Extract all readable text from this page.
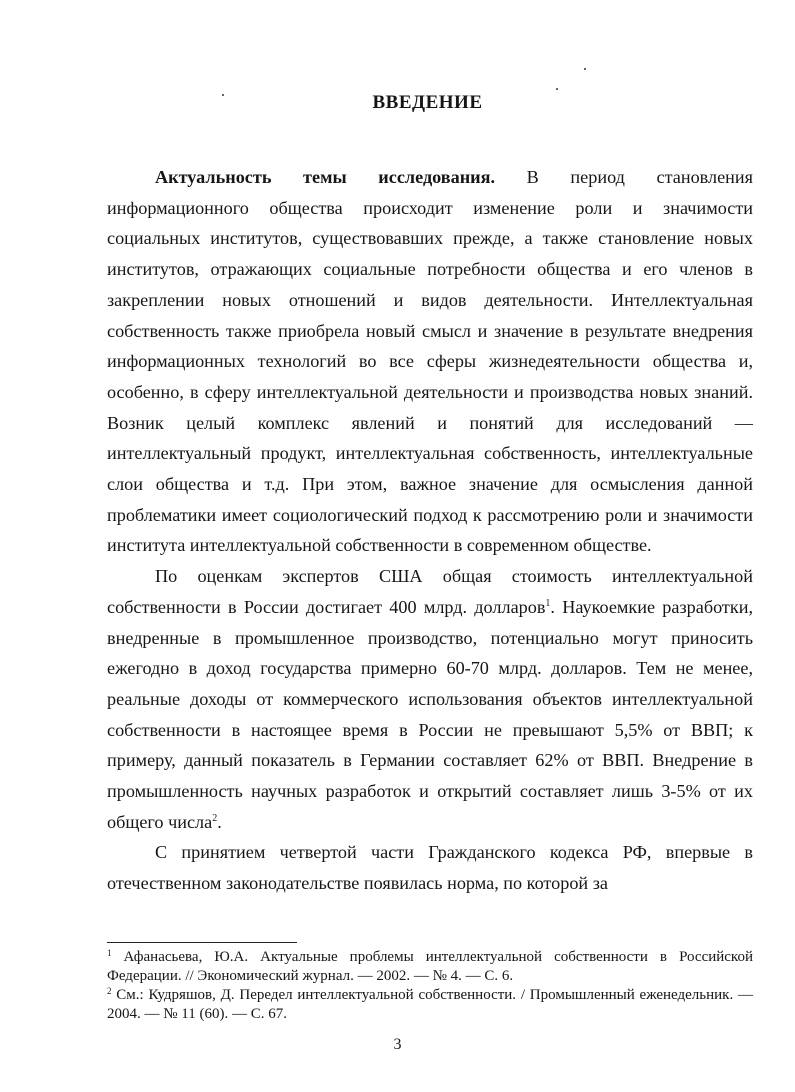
ВВЕДЕНИЕ

Актуальность темы исследования. В период становления информационного общества происходит изменение роли и значимости социальных институтов, существовавших прежде, а также становление новых институтов, отражающих социальные потребности общества и его членов в закреплении новых отношений и видов деятельности. Интеллектуальная собственность также приобрела новый смысл и значение в результате внедрения информационных технологий во все сферы жизнедеятельности общества и, особенно, в сферу интеллектуальной деятельности и производства новых знаний. Возник целый комплекс явлений и понятий для исследований — интеллектуальный продукт, интеллектуальная собственность, интеллектуальные слои общества и т.д. При этом, важное значение для осмысления данной проблематики имеет социологический подход к рассмотрению роли и значимости института интеллектуальной собственности в современном обществе.

По оценкам экспертов США общая стоимость интеллектуальной собственности в России достигает 400 млрд. долларов$^1$. Наукоемкие разработки, внедренные в промышленное производство, потенциально могут приносить ежегодно в доход государства примерно 60-70 млрд. долларов. Тем не менее, реальные доходы от коммерческого использования объектов интеллектуальной собственности в настоящее время в России не превышают 5,5% от ВВП; к примеру, данный показатель в Германии составляет 62% от ВВП. Внедрение в промышленность научных разработок и открытий составляет лишь 3-5% от их общего числа$^2$.

С принятием четвертой части Гражданского кодекса РФ, впервые в отечественном законодательстве появилась норма, по которой за

$^1$ Афанасьева, Ю.А. Актуальные проблемы интеллектуальной собственности в Российской Федерации. // Экономический журнал. — 2002. — № 4. — С. 6.

$^2$ См.: Кудряшов, Д. Передел интеллектуальной собственности. / Промышленный еженедельник. — 2004. — № 11 (60). — С. 67.

3
